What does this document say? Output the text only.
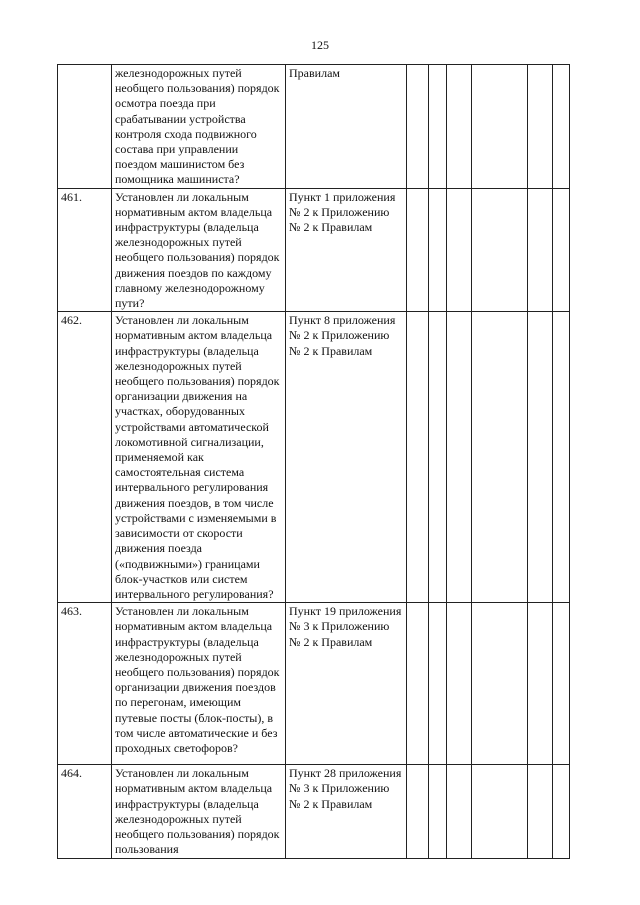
125
	железнодорожных путей необщего пользования) порядок осмотра поезда при срабатывании устройства контроля схода подвижного состава при управлении поездом машинистом без помощника машиниста?	Правилам						
461.	Установлен ли локальным нормативным актом владельца инфраструктуры (владельца железнодорожных путей необщего пользования) порядок движения поездов по каждому главному железнодорожному пути?	Пункт 1 приложения № 2 к Приложению № 2 к Правилам						
462.	Установлен ли локальным нормативным актом владельца инфраструктуры (владельца железнодорожных путей необщего пользования) порядок организации движения на участках, оборудованных устройствами автоматической локомотивной сигнализации, применяемой как самостоятельная система интервального регулирования движения поездов, в том числе устройствами с изменяемыми в зависимости от скорости движения поезда («подвижными») границами блок-участков или систем интервального регулирования?	Пункт 8 приложения № 2 к Приложению № 2 к Правилам						
463.	Установлен ли локальным нормативным актом владельца инфраструктуры (владельца железнодорожных путей необщего пользования) порядок организации движения поездов по перегонам, имеющим путевые посты (блок-посты), в том числе автоматические и без проходных светофоров?	Пункт 19 приложения № 3 к Приложению № 2 к Правилам						
464.	Установлен ли локальным нормативным актом владельца инфраструктуры (владельца железнодорожных путей необщего пользования) порядок пользования	Пункт 28 приложения № 3 к Приложению № 2 к Правилам						
